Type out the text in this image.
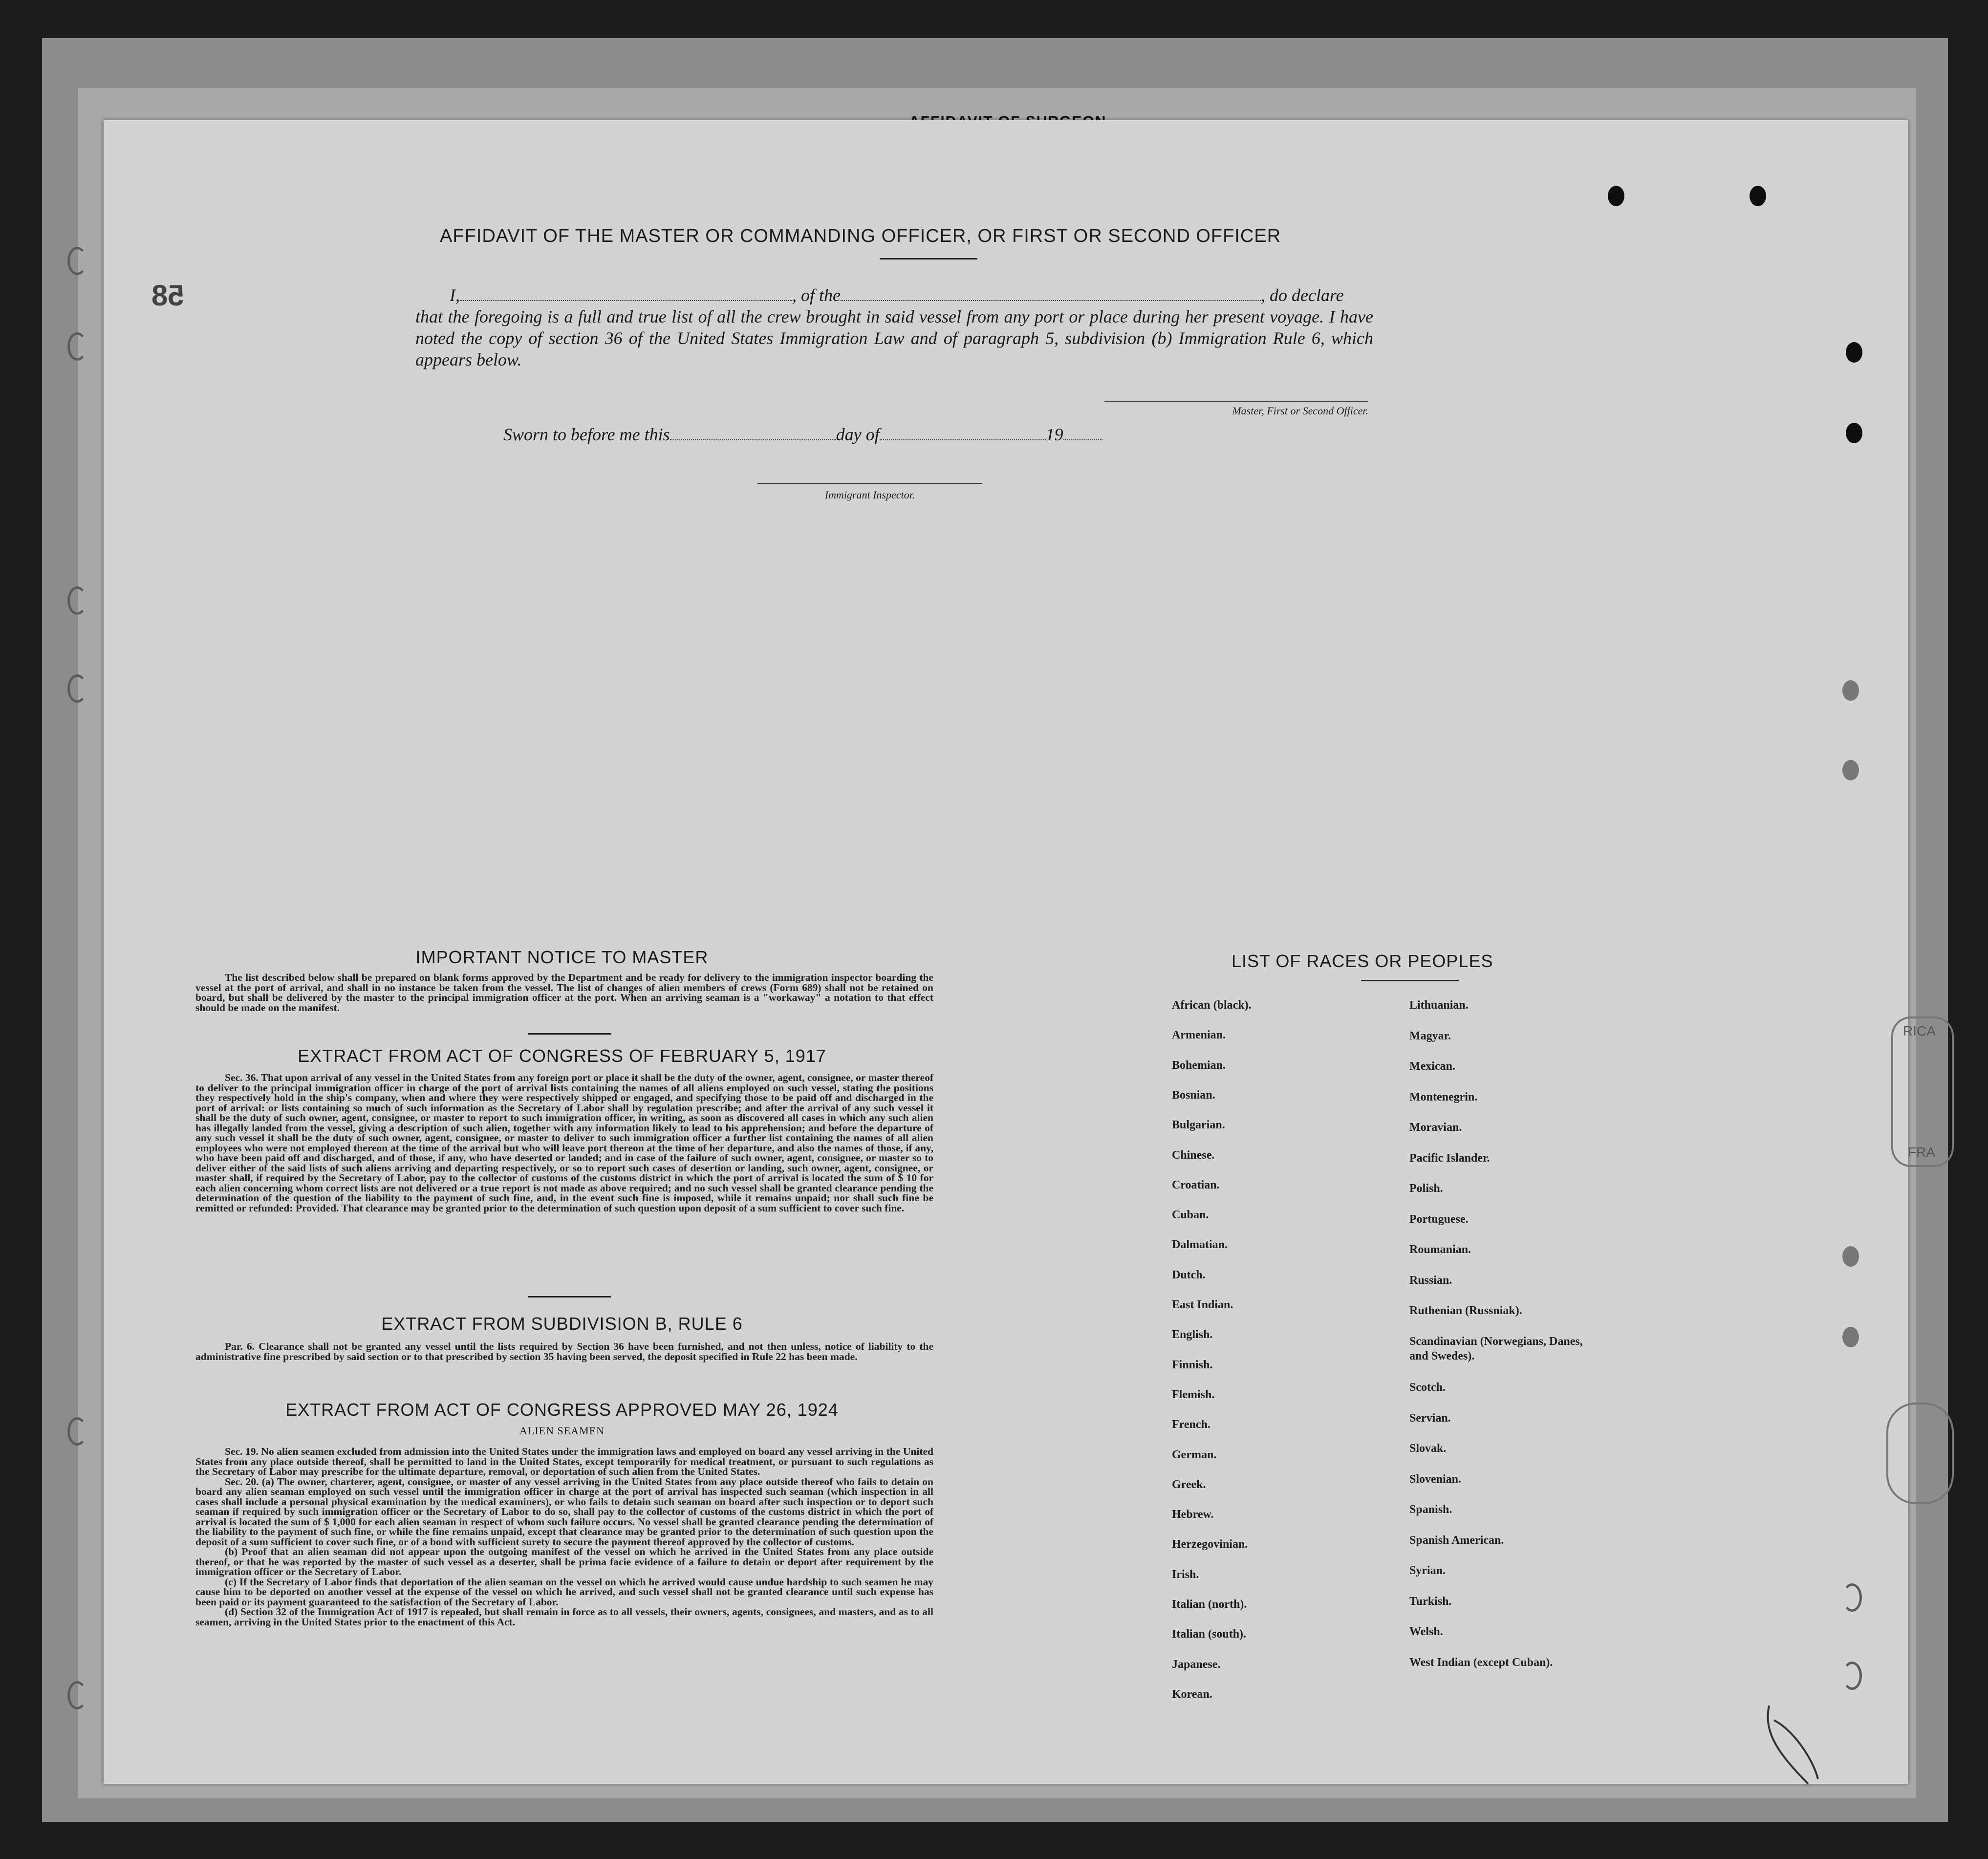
58
AFFIDAVIT OF THE MASTER OR COMMANDING OFFICER, OR FIRST OR SECOND OFFICER
I,	, of the	, do declare
that the foregoing is a full and true list of all the crew brought in said vessel from any port or place during her present voyage. I have noted the copy of section 36 of the United States Immigration Law and of paragraph 5, subdivision (b) Immigration Rule 6, which appears below.
Master, First or Second Officer.
Sworn to before me this	day of	19
Immigrant Inspector.
IMPORTANT NOTICE TO MASTER

The list described below shall be prepared on blank forms approved by the Department and be ready for delivery to the immigration inspector boarding the vessel at the port of arrival, and shall in no instance be taken from the vessel. The list of changes of alien members of crews (Form 689) shall not be retained on board, but shall be delivered by the master to the principal immigration officer at the port. When an arriving seaman is a "workaway" a notation to that effect should be made on the manifest.

EXTRACT FROM ACT OF CONGRESS OF FEBRUARY 5, 1917

Sec. 36. That upon arrival of any vessel in the United States from any foreign port or place it shall be the duty of the owner, agent, consignee, or master thereof to deliver to the principal immigration officer in charge of the port of arrival lists containing the names of all aliens employed on such vessel, stating the positions they respectively hold in the ship's company, when and where they were respectively shipped or engaged, and specifying those to be paid off and discharged in the port of arrival: or lists containing so much of such information as the Secretary of Labor shall by regulation prescribe; and after the arrival of any such vessel it shall be the duty of such owner, agent, consignee, or master to report to such immigration officer, in writing, as soon as discovered all cases in which any such alien has illegally landed from the vessel, giving a description of such alien, together with any information likely to lead to his apprehension; and before the departure of any such vessel it shall be the duty of such owner, agent, consignee, or master to deliver to such immigration officer a further list containing the names of all alien employees who were not employed thereon at the time of the arrival but who will leave port thereon at the time of her departure, and also the names of those, if any, who have been paid off and discharged, and of those, if any, who have deserted or landed; and in case of the failure of such owner, agent, consignee, or master so to deliver either of the said lists of such aliens arriving and departing respectively, or so to report such cases of desertion or landing, such owner, agent, consignee, or master shall, if required by the Secretary of Labor, pay to the collector of customs of the customs district in which the port of arrival is located the sum of $ 10 for each alien concerning whom correct lists are not delivered or a true report is not made as above required; and no such vessel shall be granted clearance pending the determination of the question of the liability to the payment of such fine, and, in the event such fine is imposed, while it remains unpaid; nor shall such fine be remitted or refunded: Provided. That clearance may be granted prior to the determination of such question upon deposit of a sum sufficient to cover such fine.

EXTRACT FROM SUBDIVISION B, RULE 6

Par. 6. Clearance shall not be granted any vessel until the lists required by Section 36 have been furnished, and not then unless, notice of liability to the administrative fine prescribed by said section or to that prescribed by section 35 having been served, the deposit specified in Rule 22 has been made.

EXTRACT FROM ACT OF CONGRESS APPROVED MAY 26, 1924
ALIEN SEAMEN

Sec. 19. No alien seamen excluded from admission into the United States under the immigration laws and employed on board any vessel arriving in the United States from any place outside thereof, shall be permitted to land in the United States, except temporarily for medical treatment, or pursuant to such regulations as the Secretary of Labor may prescribe for the ultimate departure, removal, or deportation of such alien from the United States.

Sec. 20. (a) The owner, charterer, agent, consignee, or master of any vessel arriving in the United States from any place outside thereof who fails to detain on board any alien seaman employed on such vessel until the immigration officer in charge at the port of arrival has inspected such seaman (which inspection in all cases shall include a personal physical examination by the medical examiners), or who fails to detain such seaman on board after such inspection or to deport such seaman if required by such immigration officer or the Secretary of Labor to do so, shall pay to the collector of customs of the customs district in which the port of arrival is located the sum of $ 1,000 for each alien seaman in respect of whom such failure occurs. No vessel shall be granted clearance pending the determination of the liability to the payment of such fine, or while the fine remains unpaid, except that clearance may be granted prior to the determination of such question upon the deposit of a sum sufficient to cover such fine, or of a bond with sufficient surety to secure the payment thereof approved by the collector of customs.

(b) Proof that an alien seaman did not appear upon the outgoing manifest of the vessel on which he arrived in the United States from any place outside thereof, or that he was reported by the master of such vessel as a deserter, shall be prima facie evidence of a failure to detain or deport after requirement by the immigration officer or the Secretary of Labor.

(c) If the Secretary of Labor finds that deportation of the alien seaman on the vessel on which he arrived would cause undue hardship to such seamen he may cause him to be deported on another vessel at the expense of the vessel on which he arrived, and such vessel shall not be granted clearance until such expense has been paid or its payment guaranteed to the satisfaction of the Secretary of Labor.

(d) Section 32 of the Immigration Act of 1917 is repealed, but shall remain in force as to all vessels, their owners, agents, consignees, and masters, and as to all seamen, arriving in the United States prior to the enactment of this Act.

LIST OF RACES OR PEOPLES
African (black).
Armenian.
Bohemian.
Bosnian.
Bulgarian.
Chinese.
Croatian.
Cuban.
Dalmatian.
Dutch.
East Indian.
English.
Finnish.
Flemish.
French.
German.
Greek.
Hebrew.
Herzegovinian.
Irish.
Italian (north).
Italian (south).
Japanese.
Korean.
Lithuanian.
Magyar.
Mexican.
Montenegrin.
Moravian.
Pacific Islander.
Polish.
Portuguese.
Roumanian.
Russian.
Ruthenian (Russniak).
Scandinavian (Norwegians, Danes, and Swedes).
Scotch.
Servian.
Slovak.
Slovenian.
Spanish.
Spanish American.
Syrian.
Turkish.
Welsh.
West Indian (except Cuban).
RICA
FRA
